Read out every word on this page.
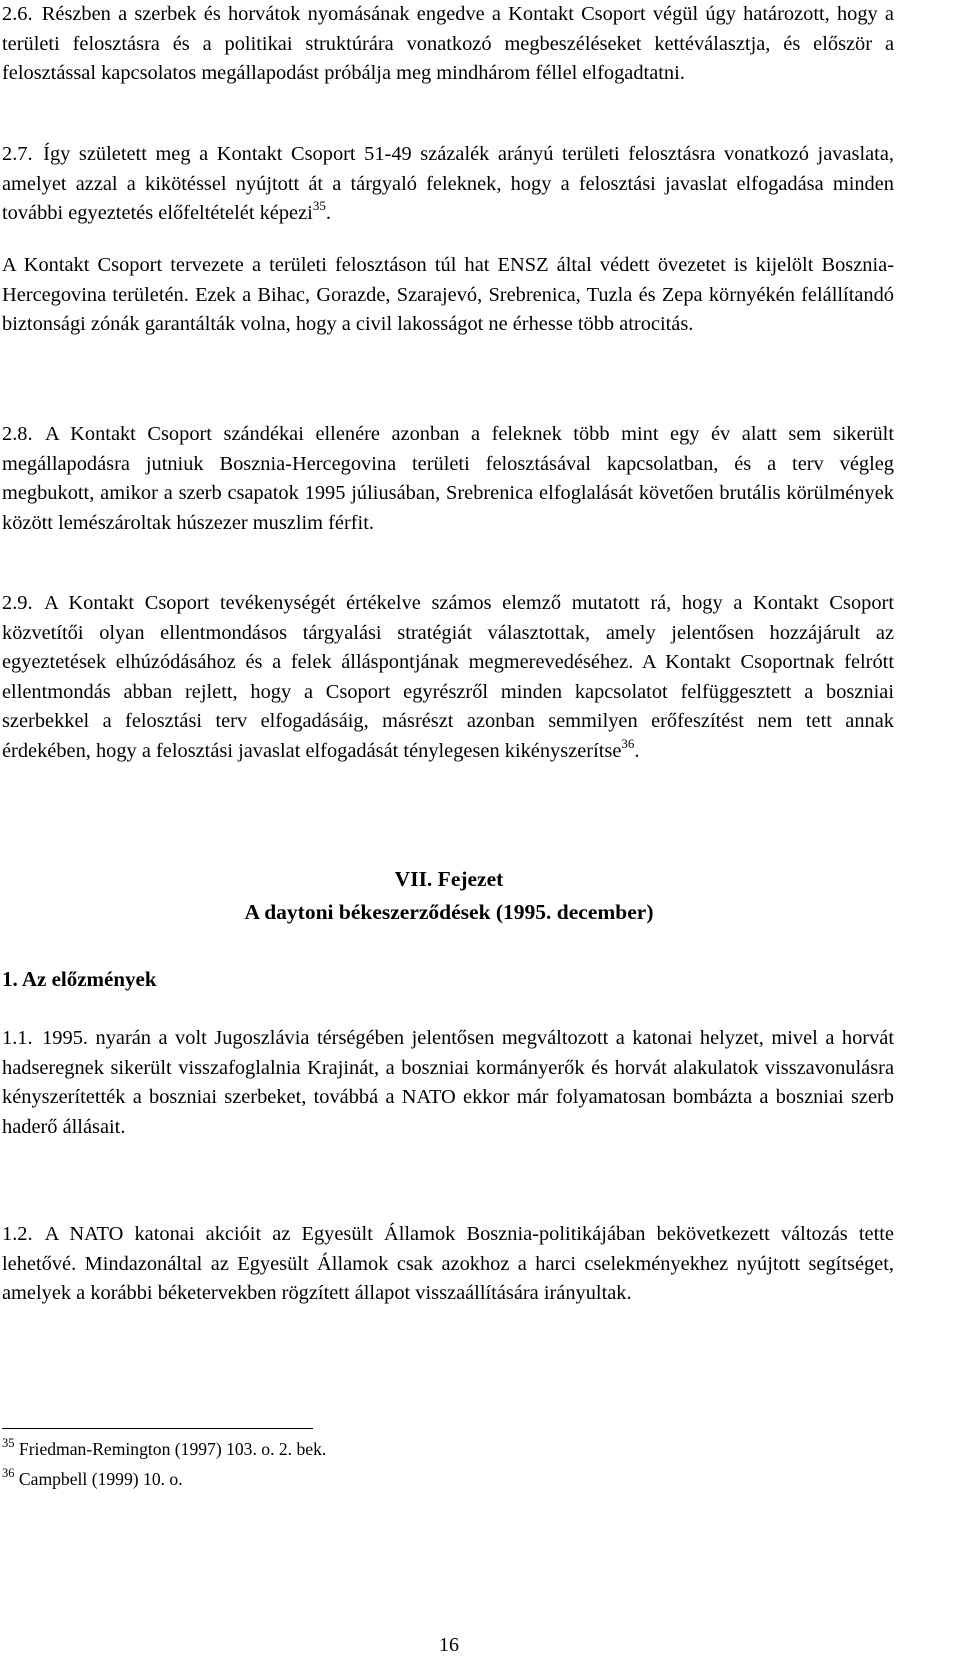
2.6. Részben a szerbek és horvátok nyomásának engedve a Kontakt Csoport végül úgy határozott, hogy a területi felosztásra és a politikai struktúrára vonatkozó megbeszéléseket kettéválasztja, és először a felosztással kapcsolatos megállapodást próbálja meg mindhárom féllel elfogadtatni.

2.7. Így született meg a Kontakt Csoport 51-49 százalék arányú területi felosztásra vonatkozó javaslata, amelyet azzal a kikötéssel nyújtott át a tárgyaló feleknek, hogy a felosztási javaslat elfogadása minden további egyeztetés előfeltételét képezi$^{35}$.

A Kontakt Csoport tervezete a területi felosztáson túl hat ENSZ által védett övezetet is kijelölt Bosznia-Hercegovina területén. Ezek a Bihac, Gorazde, Szarajevó, Srebrenica, Tuzla és Zepa környékén felállítandó biztonsági zónák garantálták volna, hogy a civil lakosságot ne érhesse több atrocitás.

2.8. A Kontakt Csoport szándékai ellenére azonban a feleknek több mint egy év alatt sem sikerült megállapodásra jutniuk Bosznia-Hercegovina területi felosztásával kapcsolatban, és a terv végleg megbukott, amikor a szerb csapatok 1995 júliusában, Srebrenica elfoglalását követően brutális körülmények között lemészároltak húszezer muszlim férfit.

2.9. A Kontakt Csoport tevékenységét értékelve számos elemző mutatott rá, hogy a Kontakt Csoport közvetítői olyan ellentmondásos tárgyalási stratégiát választottak, amely jelentősen hozzájárult az egyeztetések elhúzódásához és a felek álláspontjának megmerevedéséhez. A Kontakt Csoportnak felrótt ellentmondás abban rejlett, hogy a Csoport egyrészről minden kapcsolatot felfüggesztett a boszniai szerbekkel a felosztási terv elfogadásáig, másrészt azonban semmilyen erőfeszítést nem tett annak érdekében, hogy a felosztási javaslat elfogadását ténylegesen kikényszerítse$^{36}$.

VII. Fejezet

A daytoni békeszerződések (1995. december)

1. Az előzmények

1.1. 1995. nyarán a volt Jugoszlávia térségében jelentősen megváltozott a katonai helyzet, mivel a horvát hadseregnek sikerült visszafoglalnia Krajinát, a boszniai kormányerők és horvát alakulatok visszavonulásra kényszerítették a boszniai szerbeket, továbbá a NATO ekkor már folyamatosan bombázta a boszniai szerb haderő állásait.

1.2. A NATO katonai akcióit az Egyesült Államok Bosznia-politikájában bekövetkezett változás tette lehetővé. Mindazonáltal az Egyesült Államok csak azokhoz a harci cselekményekhez nyújtott segítséget, amelyek a korábbi béketervekben rögzített állapot visszaállítására irányultak.

$^{35}$ Friedman-Remington (1997) 103. o. 2. bek.

$^{36}$ Campbell (1999) 10. o.

16
